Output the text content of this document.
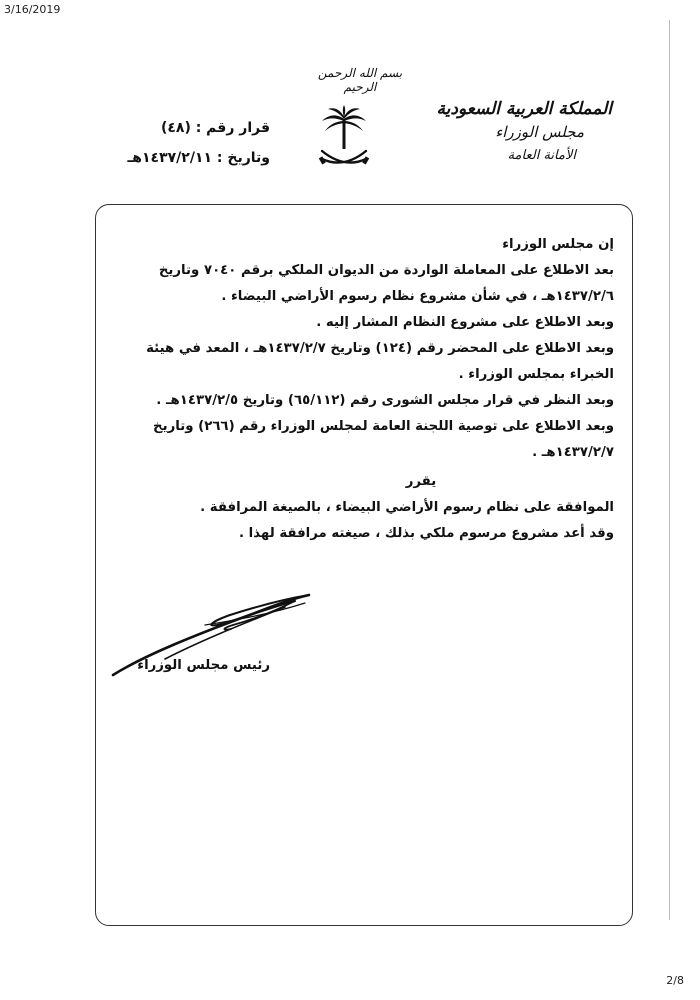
3/16/2019
بسم الله الرحمن الرحيم
المملكة العربية السعودية
مجلس الوزراء
الأمانة العامة
قرار رقم : (٤٨)
وتاريخ : ١٤٣٧/٢/١١هـ

إن مجلس الوزراء

بعد الاطلاع على المعاملة الواردة من الديوان الملكي برقم ٧٠٤٠ وتاريخ ١٤٣٧/٢/٦هـ ، في شأن مشروع نظام رسوم الأراضي البيضاء .

وبعد الاطلاع على مشروع النظام المشار إليه .

وبعد الاطلاع على المحضر رقم (١٢٤) وتاريخ ١٤٣٧/٢/٧هـ ، المعد في هيئة الخبراء بمجلس الوزراء .

وبعد النظر في قرار مجلس الشورى رقم (٦٥/١١٢) وتاريخ ١٤٣٧/٢/٥هـ .

وبعد الاطلاع على توصية اللجنة العامة لمجلس الوزراء رقم (٢٦٦) وتاريخ ١٤٣٧/٢/٧هـ .

يقرر

الموافقة على نظام رسوم الأراضي البيضاء ، بالصيغة المرافقة .

وقد أعد مشروع مرسوم ملكي بذلك ، صيغته مرافقة لهذا .

رئيس مجلس الوزراء
2/8
